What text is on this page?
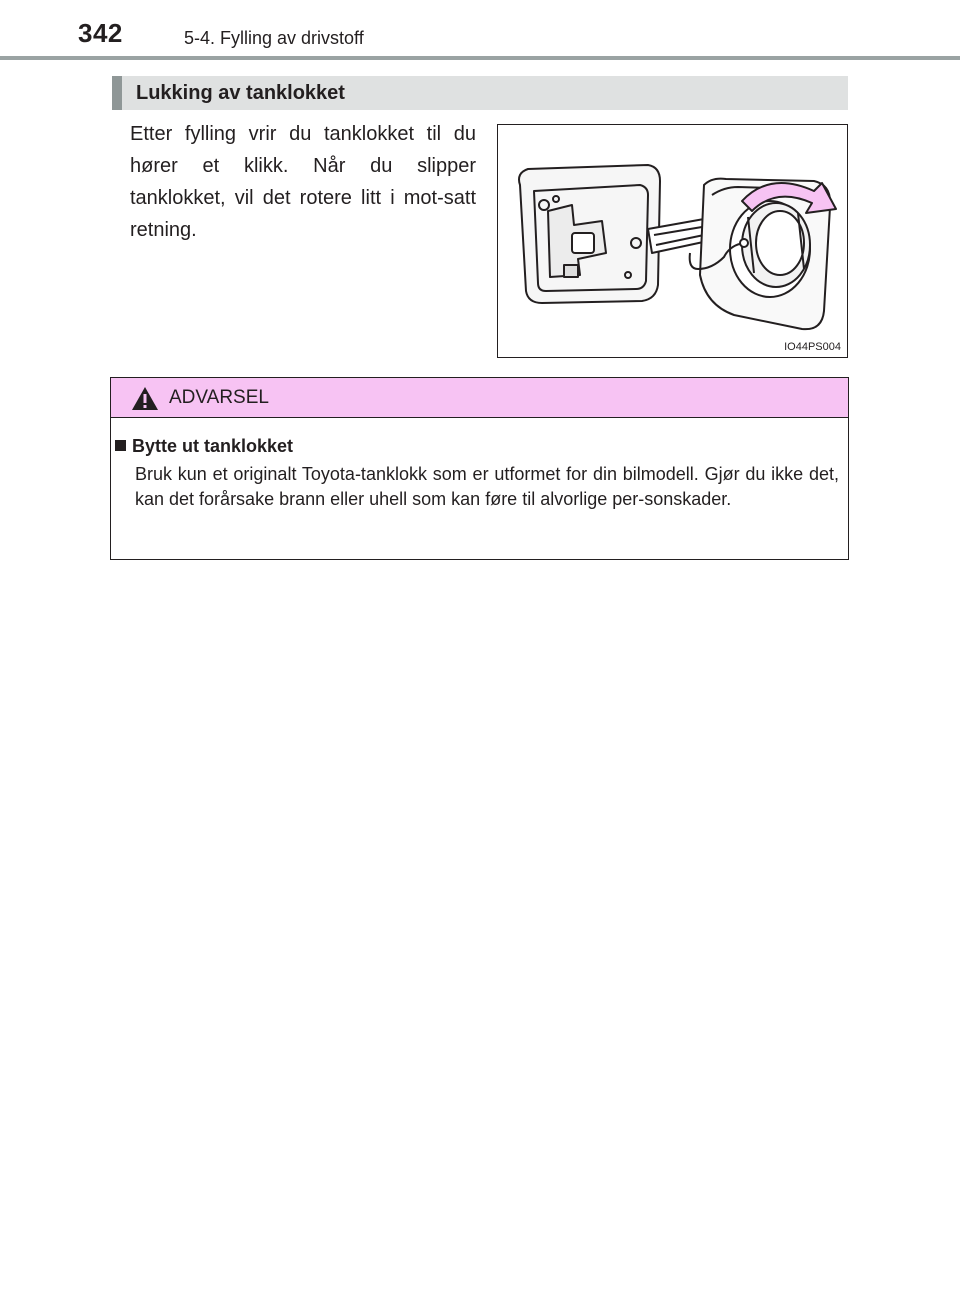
342	5-4. Fylling av drivstoff
Lukking av tanklokket
Etter fylling vrir du tanklokket til du hører et klikk. Når du slipper tanklokket, vil det rotere litt i mot-satt retning.
IO44PS004
ADVARSEL
Bytte ut tanklokket
Bruk kun et originalt Toyota-tanklokk som er utformet for din bilmodell. Gjør du ikke det, kan det forårsake brann eller uhell som kan føre til alvorlige per-sonskader.
